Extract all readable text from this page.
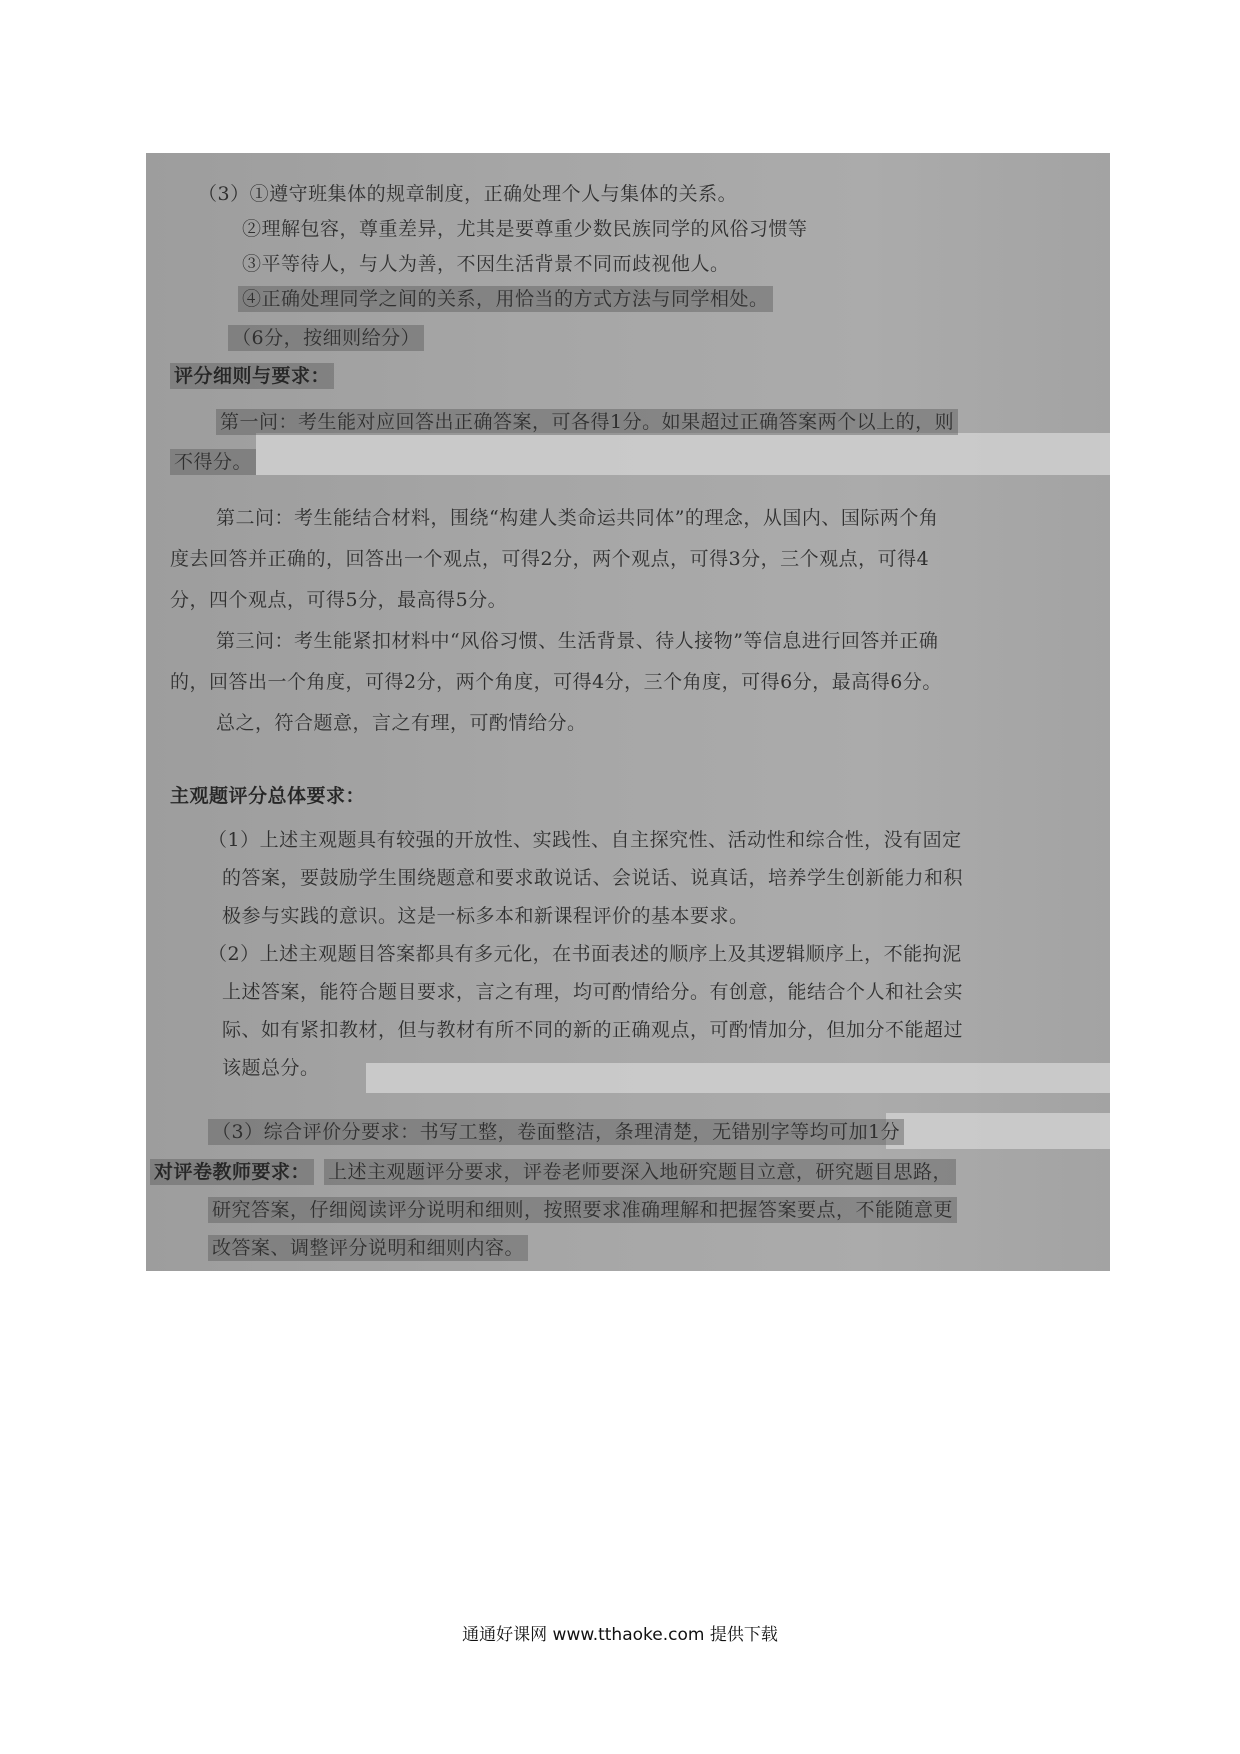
（3）①遵守班集体的规章制度，正确处理个人与集体的关系。
②理解包容，尊重差异，尤其是要尊重少数民族同学的风俗习惯等
③平等待人，与人为善，不因生活背景不同而歧视他人。
④正确处理同学之间的关系，用恰当的方式方法与同学相处。
（6分，按细则给分）
评分细则与要求：
第一问：考生能对应回答出正确答案，可各得1分。如果超过正确答案两个以上的，则
不得分。
第二问：考生能结合材料，围绕“构建人类命运共同体”的理念，从国内、国际两个角
度去回答并正确的，回答出一个观点，可得2分，两个观点，可得3分，三个观点，可得4
分，四个观点，可得5分，最高得5分。
第三问：考生能紧扣材料中“风俗习惯、生活背景、待人接物”等信息进行回答并正确
的，回答出一个角度，可得2分，两个角度，可得4分，三个角度，可得6分，最高得6分。
总之，符合题意，言之有理，可酌情给分。
主观题评分总体要求：
（1）上述主观题具有较强的开放性、实践性、自主探究性、活动性和综合性，没有固定
的答案，要鼓励学生围绕题意和要求敢说话、会说话、说真话，培养学生创新能力和积
极参与实践的意识。这是一标多本和新课程评价的基本要求。
（2）上述主观题目答案都具有多元化，在书面表述的顺序上及其逻辑顺序上，不能拘泥
上述答案，能符合题目要求，言之有理，均可酌情给分。有创意，能结合个人和社会实
际、如有紧扣教材，但与教材有所不同的新的正确观点，可酌情加分，但加分不能超过
该题总分。
（3）综合评价分要求：书写工整，卷面整洁，条理清楚，无错别字等均可加1分
对评卷教师要求： 上述主观题评分要求，评卷老师要深入地研究题目立意，研究题目思路，
研究答案，仔细阅读评分说明和细则，按照要求准确理解和把握答案要点，不能随意更
改答案、调整评分说明和细则内容。
通通好课网 www.tthaoke.com 提供下载
